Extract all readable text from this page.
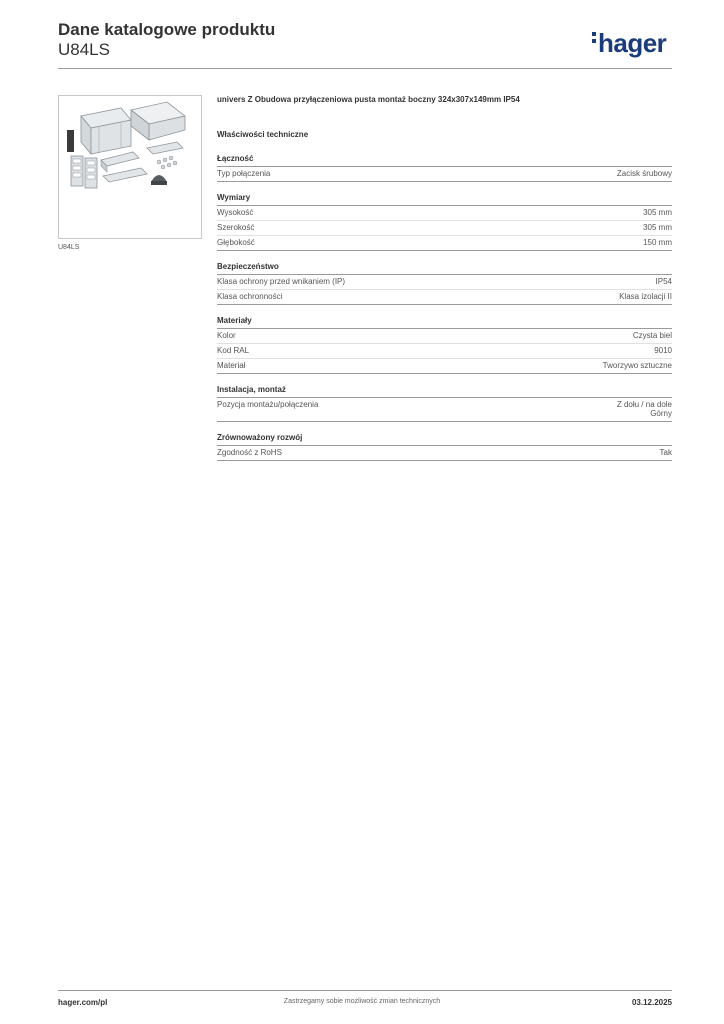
Dane katalogowe produktu
U84LS	hager
U84LS
univers Z Obudowa przyłączeniowa pusta montaż boczny 324x307x149mm IP54
Właściwości techniczne
Łączność
Typ połączenia	Zacisk śrubowy
Wymiary
Wysokość	305 mm
Szerokość	305 mm
Głębokość	150 mm
Bezpieczeństwo
Klasa ochrony przed wnikaniem (IP)	IP54
Klasa ochronności	Klasa izolacji II
Materiały
Kolor	Czysta biel
Kod RAL	9010
Materiał	Tworzywo sztuczne
Instalacja, montaż
Pozycja montażu/połączenia	Z dołu / na dole
Górny
Zrównoważony rozwój
Zgodność z RoHS	Tak
hager.com/pl	Zastrzegamy sobie możliwość zmian technicznych	03.12.2025
